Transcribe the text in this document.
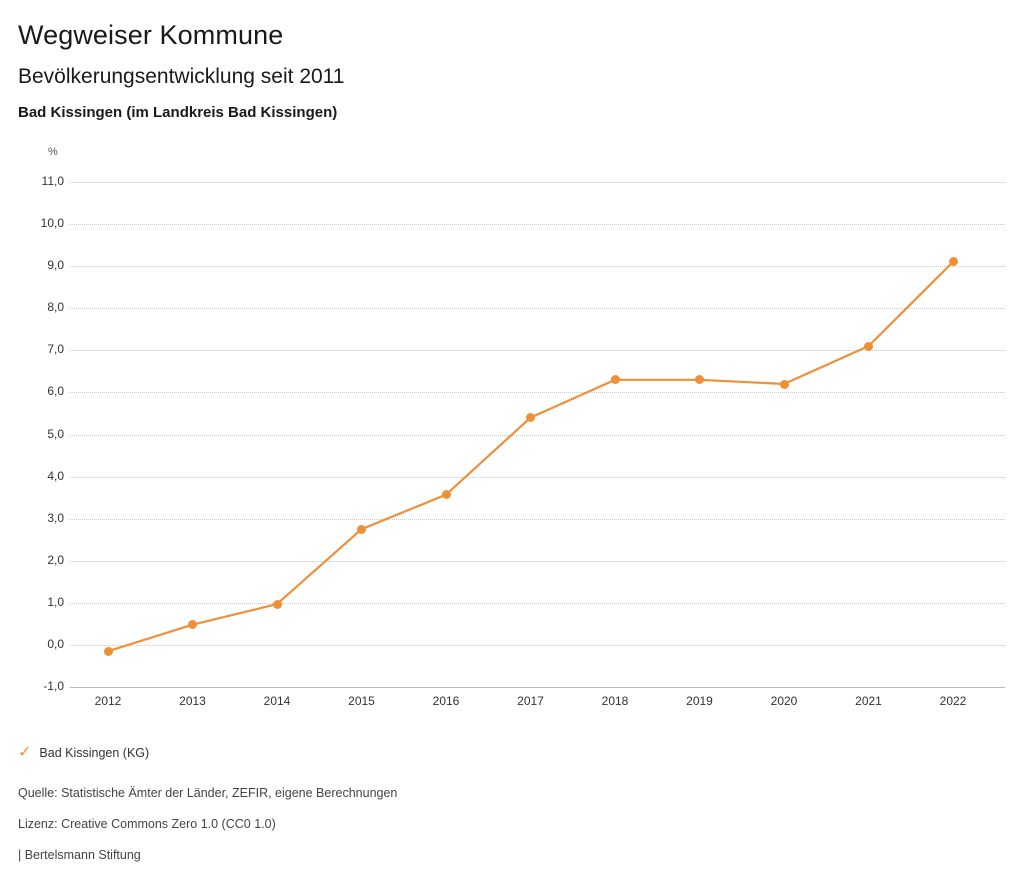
Wegweiser Kommune
Bevölkerungsentwicklung seit 2011
Bad Kissingen (im Landkreis Bad Kissingen)
%
11,0
10,0
9,0
8,0
7,0
6,0
5,0
4,0
3,0
2,0
1,0
0,0
-1,0
2012	2013	2014	2015	2016	2017	2018	2019	2020	2021	2022
✓ Bad Kissingen (KG)
Quelle: Statistische Ämter der Länder, ZEFIR, eigene Berechnungen
Lizenz: Creative Commons Zero 1.0 (CC0 1.0)
| Bertelsmann Stiftung
